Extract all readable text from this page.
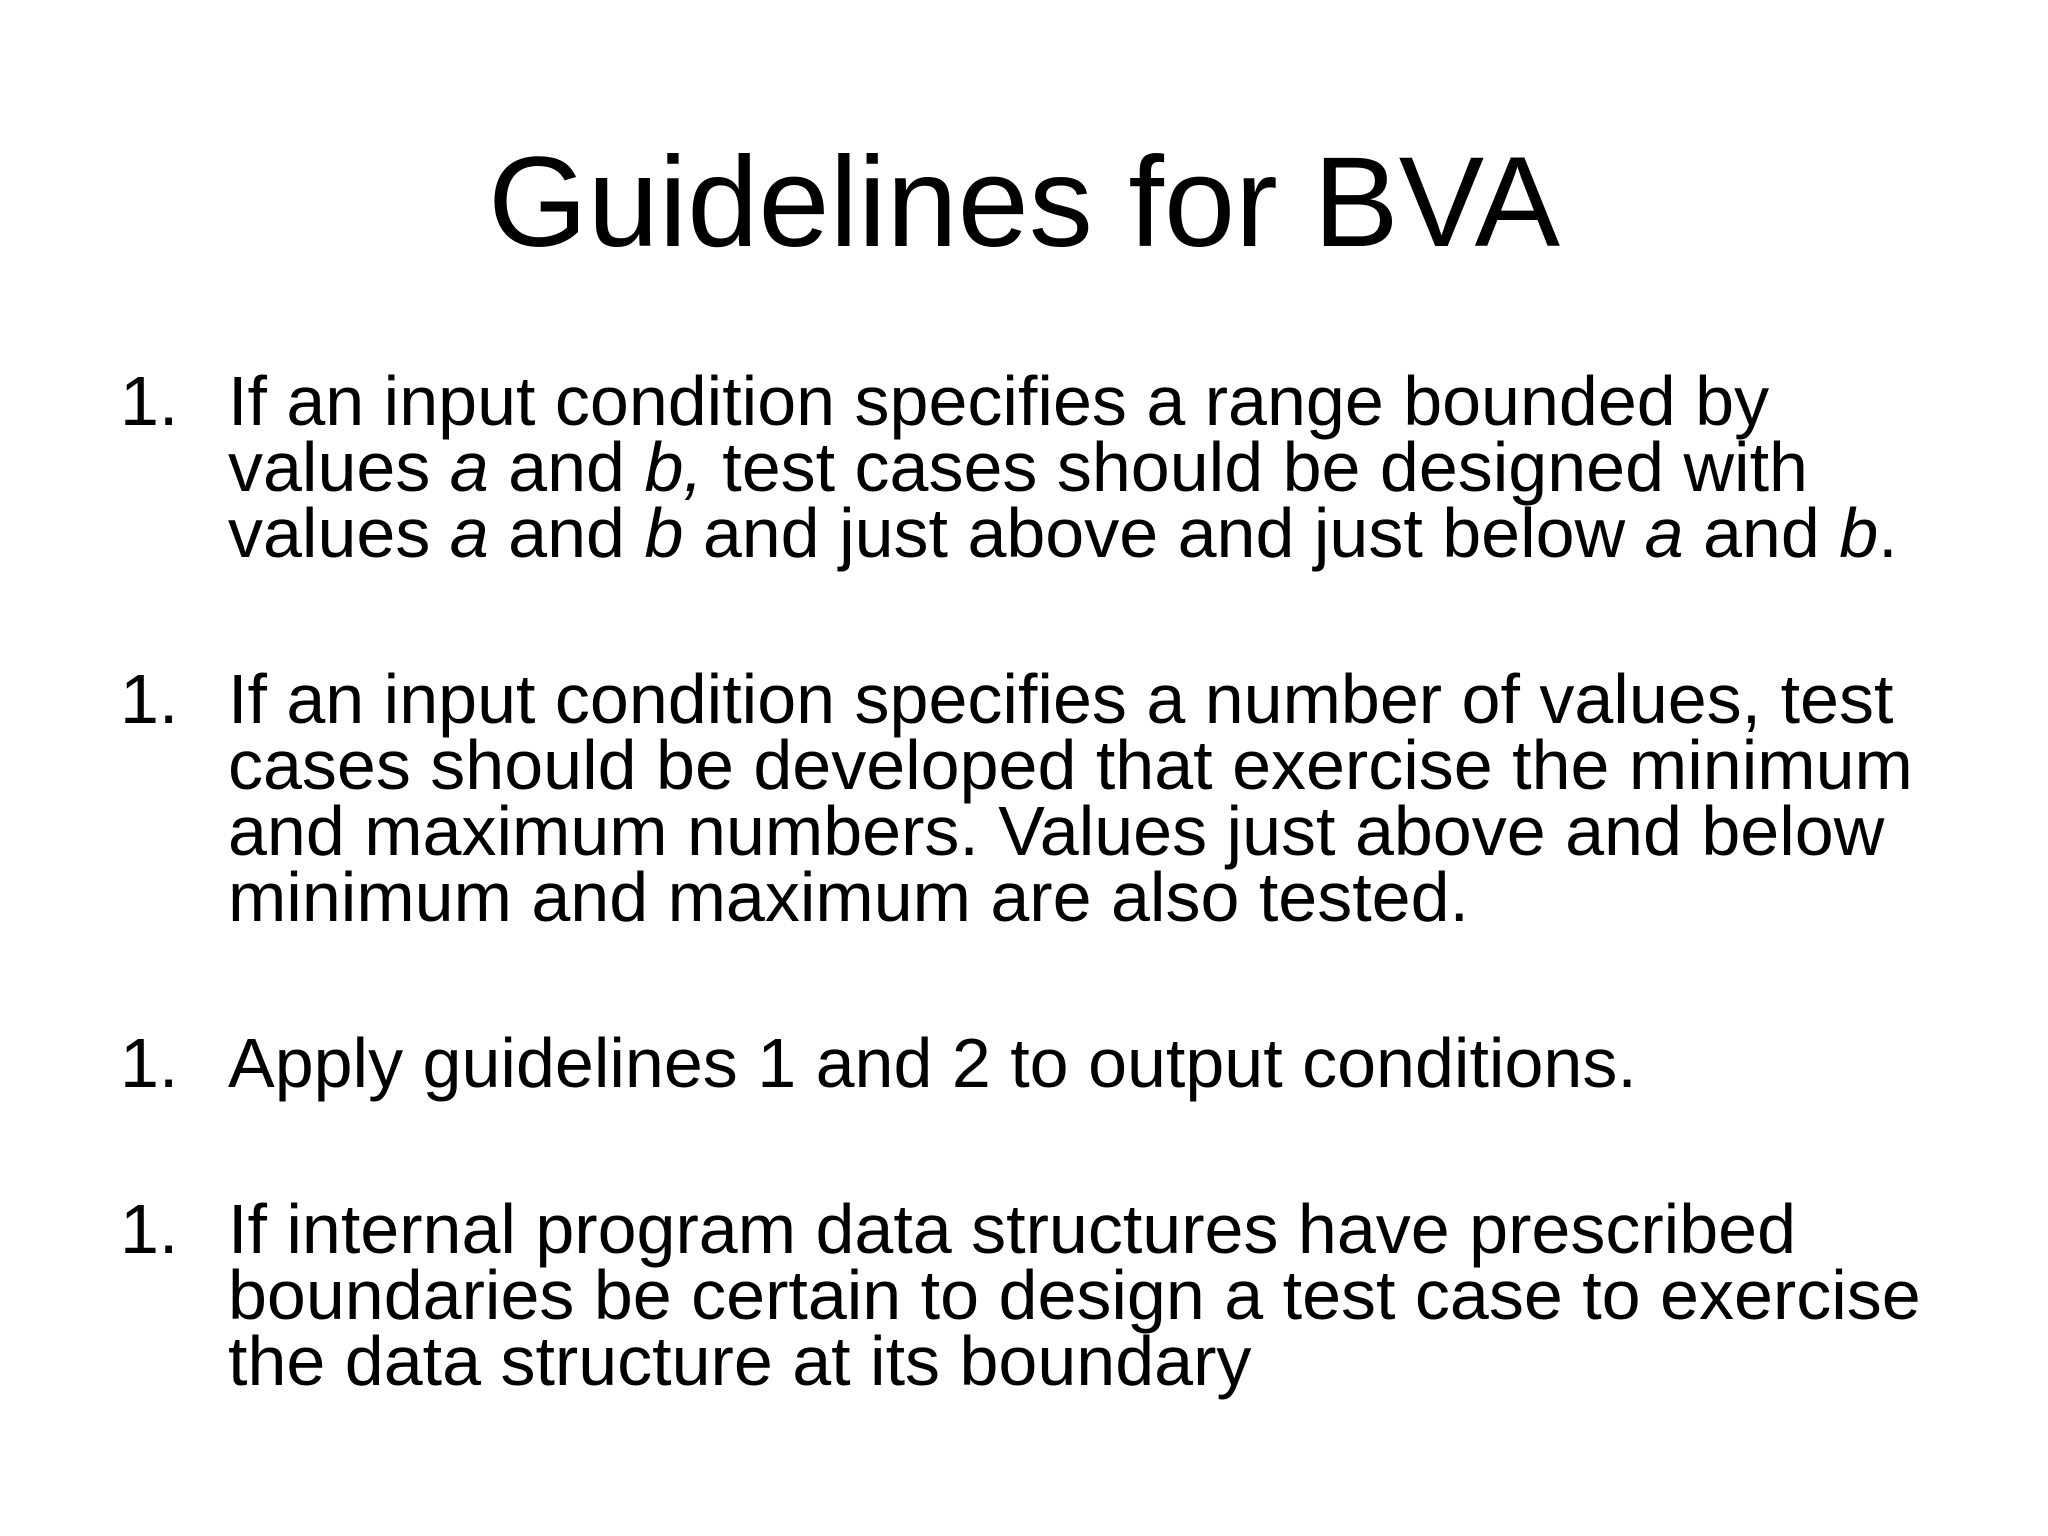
Guidelines for BVA
1. If an input condition specifies a range bounded by
values a and b, test cases should be designed with
values a and b and just above and just below a and b.
1. If an input condition specifies a number of values, test
cases should be developed that exercise the minimum
and maximum numbers. Values just above and below
minimum and maximum are also tested.
1. Apply guidelines 1 and 2 to output conditions.
1. If internal program data structures have prescribed
boundaries be certain to design a test case to exercise
the data structure at its boundary
